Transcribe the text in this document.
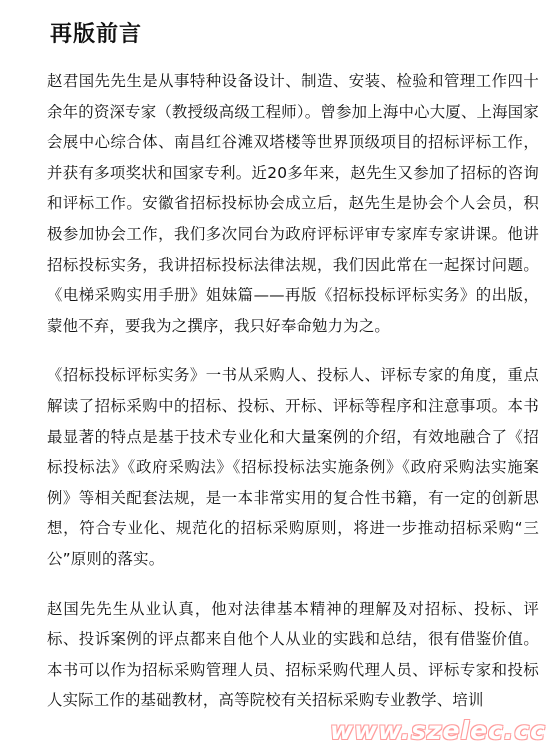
再版前言

赵君国先先生是从事特种设备设计、制造、安装、检验和管理工作四十余年的资深专家（教授级高级工程师）。曾参加上海中心大厦、上海国家会展中心综合体、南昌红谷滩双塔楼等世界顶级项目的招标评标工作，并获有多项奖状和国家专利。近20多年来，赵先生又参加了招标的咨询和评标工作。安徽省招标投标协会成立后，赵先生是协会个人会员，积极参加协会工作，我们多次同台为政府评标评审专家库专家讲课。他讲招标投标实务，我讲招标投标法律法规，我们因此常在一起探讨问题。《电梯采购实用手册》姐妹篇——再版《招标投标评标实务》的出版，蒙他不弃，要我为之撰序，我只好奉命勉力为之。

《招标投标评标实务》一书从采购人、投标人、评标专家的角度，重点解读了招标采购中的招标、投标、开标、评标等程序和注意事项。本书最显著的特点是基于技术专业化和大量案例的介绍，有效地融合了《招标投标法》《政府采购法》《招标投标法实施条例》《政府采购法实施案例》等相关配套法规，是一本非常实用的复合性书籍，有一定的创新思想，符合专业化、规范化的招标采购原则，将进一步推动招标采购“三公”原则的落实。

赵国先先生从业认真，他对法律基本精神的理解及对招标、投标、评标、投诉案例的评点都来自他个人从业的实践和总结，很有借鉴价值。本书可以作为招标采购管理人员、招标采购代理人员、评标专家和投标人实际工作的基础教材，高等院校有关招标采购专业教学、培训

www.szelec.cc
